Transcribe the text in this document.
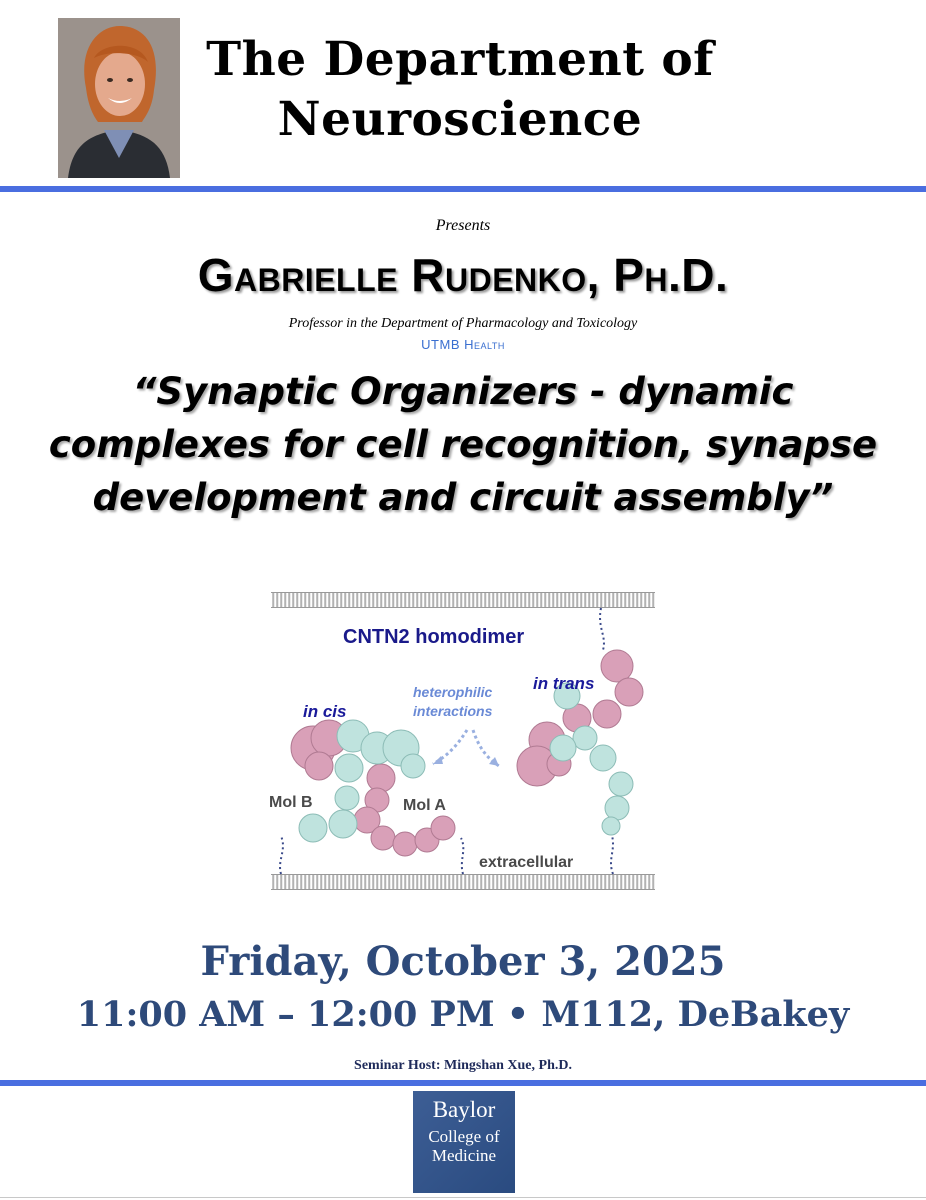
The Department of
Neuroscience
Presents
Gabrielle Rudenko, Ph.D.
Professor in the Department of Pharmacology and Toxicology
UTMB Health
“Synaptic Organizers - dynamic
complexes for cell recognition, synapse
development and circuit assembly”
CNTN2 homodimer
in cis
in trans
heterophilic
interactions
Mol B	Mol A
extracellular
Friday, October 3, 2025
11:00 AM – 12:00 PM • M112, DeBakey
Seminar Host: Mingshan Xue, Ph.D.
Baylor
College of
Medicine
